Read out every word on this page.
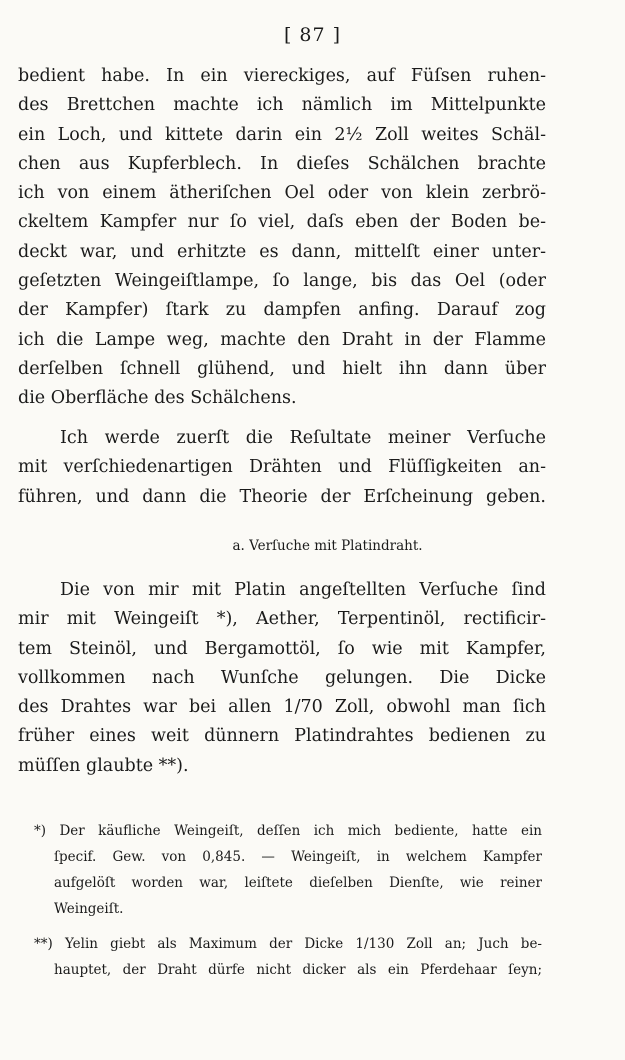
[ 87 ]
bedient habe. In ein viereckiges, auf Füſsen ruhen-
des Brettchen machte ich nämlich im Mittelpunkte
ein Loch, und kittete darin ein 2½ Zoll weites Schäl-
chen aus Kupferblech. In dieſes Schälchen brachte
ich von einem ätheriſchen Oel oder von klein zerbrö-
ckeltem Kampfer nur ſo viel, daſs eben der Boden be-
deckt war, und erhitzte es dann, mittelſt einer unter-
geſetzten Weingeiſtlampe, ſo lange, bis das Oel (oder
der Kampfer) ſtark zu dampfen anfing. Darauf zog
ich die Lampe weg, machte den Draht in der Flamme
derſelben ſchnell glühend, und hielt ihn dann über
die Oberfläche des Schälchens.
Ich werde zuerſt die Reſultate meiner Verſuche
mit verſchiedenartigen Drähten und Flüſſigkeiten an-
führen, und dann die Theorie der Erſcheinung geben.
a. Verſuche mit Platindraht.
Die von mir mit Platin angeſtellten Verſuche ſind
mir mit Weingeiſt *), Aether, Terpentinöl, rectificir-
tem Steinöl, und Bergamottöl, ſo wie mit Kampfer,
vollkommen nach Wunſche gelungen. Die Dicke
des Drahtes war bei allen 1/70 Zoll, obwohl man ſich
früher eines weit dünnern Platindrahtes bedienen zu
müſſen glaubte **).
*) Der käufliche Weingeiſt, deſſen ich mich bediente, hatte ein
ſpecif. Gew. von 0,845. — Weingeiſt, in welchem Kampfer
aufgelöſt worden war, leiſtete dieſelben Dienſte, wie reiner
Weingeiſt.
**) Yelin giebt als Maximum der Dicke 1/130 Zoll an; Juch be-
hauptet, der Draht dürfe nicht dicker als ein Pferdehaar ſeyn;
